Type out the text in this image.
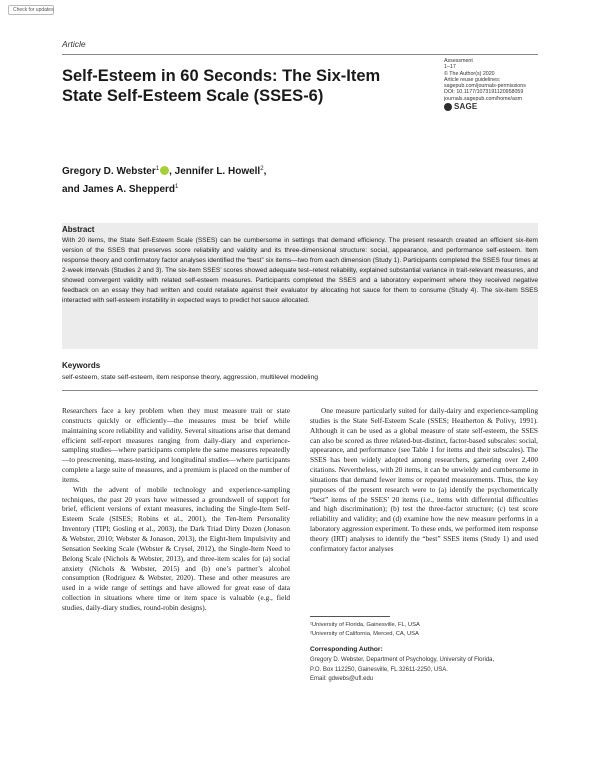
Check for updates
Article
Self-Esteem in 60 Seconds: The Six-Item State Self-Esteem Scale (SSES-6)
Assessment
1–17
© The Author(s) 2020
Article reuse guidelines:
sagepub.com/journals-permissions
DOI: 10.1177/1073191120958059
journals.sagepub.com/home/asm
SAGE
Gregory D. Webster$^1$ , Jennifer L. Howell$^2$,
and James A. Shepperd$^1$
Abstract
With 20 items, the State Self-Esteem Scale (SSES) can be cumbersome in settings that demand efficiency. The present research created an efficient six-item version of the SSES that preserves score reliability and validity and its three-dimensional structure: social, appearance, and performance self-esteem. Item response theory and confirmatory factor analyses identified the “best” six items—two from each dimension (Study 1). Participants completed the SSES four times at 2-week intervals (Studies 2 and 3). The six-item SSES’ scores showed adequate test–retest reliability, explained substantial variance in trait-relevant measures, and showed convergent validity with related self-esteem measures. Participants completed the SSES and a laboratory experiment where they received negative feedback on an essay they had written and could retaliate against their evaluator by allocating hot sauce for them to consume (Study 4). The six-item SSES interacted with self-esteem instability in expected ways to predict hot sauce allocated.
Keywords
self-esteem, state self-esteem, item response theory, aggression, multilevel modeling

Researchers face a key problem when they must measure trait or state constructs quickly or efficiently—the measures must be brief while maintaining score reliability and validity. Several situations arise that demand efficient self-report measures ranging from daily-diary and experience-sampling studies—where participants complete the same measures repeatedly—to prescreening, mass-testing, and longitudinal studies—where participants complete a large suite of measures, and a premium is placed on the number of items.

With the advent of mobile technology and experience-sampling techniques, the past 20 years have witnessed a groundswell of support for brief, efficient versions of extant measures, including the Single-Item Self-Esteem Scale (SISES; Robins et al., 2001), the Ten-Item Personality Inventory (TIPI; Gosling et al., 2003), the Dark Triad Dirty Dozen (Jonason & Webster, 2010; Webster & Jonason, 2013), the Eight-Item Impulsivity and Sensation Seeking Scale (Webster & Crysel, 2012), the Single-Item Need to Belong Scale (Nichols & Webster, 2013), and three-item scales for (a) social anxiety (Nichols & Webster, 2015) and (b) one’s partner’s alcohol consumption (Rodriguez & Webster, 2020). These and other measures are used in a wide range of settings and have allowed for great ease of data collection in situations where time or item space is valuable (e.g., field studies, daily-diary studies, round-robin designs).

One measure particularly suited for daily-dairy and experience-sampling studies is the State Self-Esteem Scale (SSES; Heatherton & Polivy, 1991). Although it can be used as a global measure of state self-esteem, the SSES can also be scored as three related-but-distinct, factor-based subscales: social, appearance, and performance (see Table 1 for items and their subscales). The SSES has been widely adopted among researchers, garnering over 2,400 citations. Nevertheless, with 20 items, it can be unwieldy and cumbersome in situations that demand fewer items or repeated measurements. Thus, the key purposes of the present research were to (a) identify the psychometrically “best” items of the SSES’ 20 items (i.e., items with differential difficulties and high discrimination); (b) test the three-factor structure; (c) test score reliability and validity; and (d) examine how the new measure performs in a laboratory aggression experiment. To these ends, we performed item response theory (IRT) analyses to identify the “best” SSES items (Study 1) and used confirmatory factor analyses

¹University of Florida, Gainesville, FL, USA
²University of California, Merced, CA, USA
Corresponding Author:
Gregory D. Webster, Department of Psychology, University of Florida,
P.O. Box 112250, Gainesville, FL 32611-2250, USA.
Email: gdwebs@ufl.edu
